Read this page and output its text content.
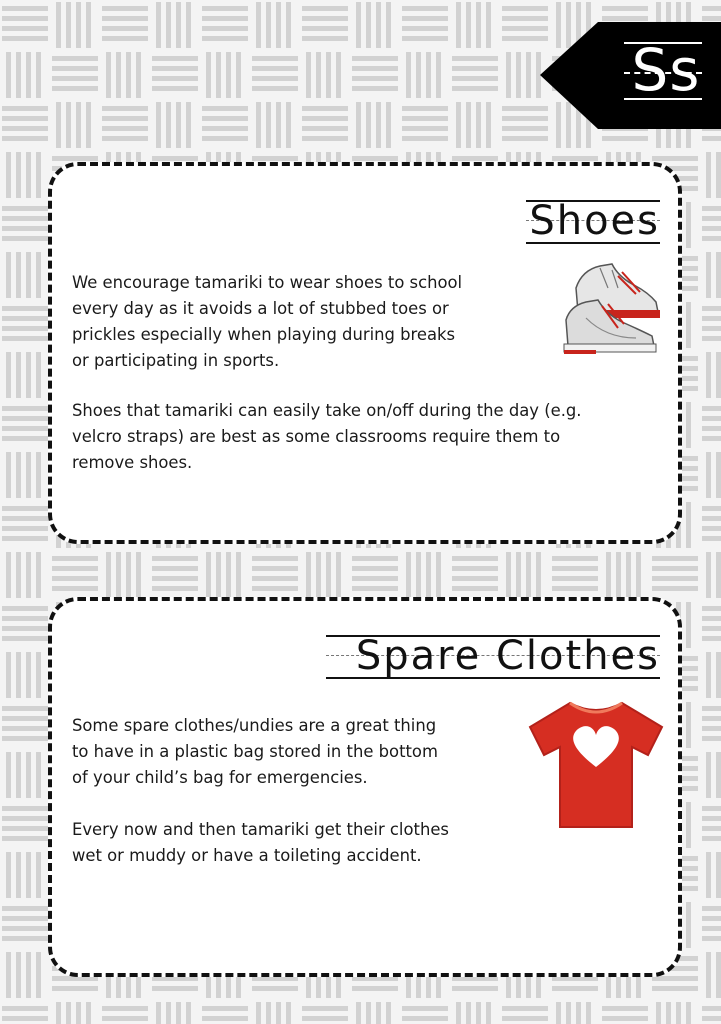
Ss
Shoes

We encourage tamariki to wear shoes to school
every day as it avoids a lot of stubbed toes or
prickles especially when playing during breaks
or participating in sports.

Shoes that tamariki can easily take on/off during the day (e.g.
velcro straps) are best as some classrooms require them to
remove shoes.

Spare Clothes

Some spare clothes/undies are a great thing
to have in a plastic bag stored in the bottom
of your child’s bag for emergencies.

Every now and then tamariki get their clothes
wet or muddy or have a toileting accident.
